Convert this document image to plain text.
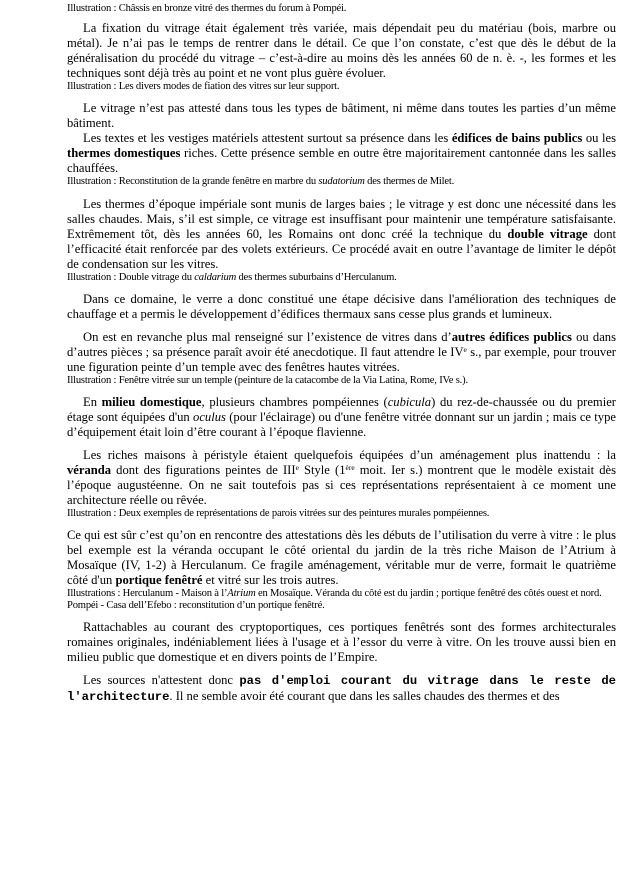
Illustration : Châssis en bronze vitré des thermes du forum à Pompéi.

La fixation du vitrage était également très variée, mais dépendait peu du matériau (bois, marbre ou métal). Je n’ai pas le temps de rentrer dans le détail. Ce que l’on constate, c’est que dès le début de la généralisation du procédé du vitrage – c’est-à-dire au moins dès les années 60 de n. è. -, les formes et les techniques sont déjà très au point et ne vont plus guère évoluer.

Illustration : Les divers modes de fiation des vitres sur leur support.

Le vitrage n’est pas attesté dans tous les types de bâtiment, ni même dans toutes les parties d’un même bâtiment.

Les textes et les vestiges matériels attestent surtout sa présence dans les édifices de bains publics ou les thermes domestiques riches. Cette présence semble en outre être majoritairement cantonnée dans les salles chauffées.

Illustration : Reconstitution de la grande fenêtre en marbre du sudatorium des thermes de Milet.

Les thermes d’époque impériale sont munis de larges baies ; le vitrage y est donc une nécessité dans les salles chaudes. Mais, s’il est simple, ce vitrage est insuffisant pour maintenir une température satisfaisante. Extrêmement tôt, dès les années 60, les Romains ont donc créé la technique du double vitrage dont l’efficacité était renforcée par des volets extérieurs. Ce procédé avait en outre l’avantage de limiter le dépôt de condensation sur les vitres.

Illustration : Double vitrage du caldarium des thermes suburbains d’Herculanum.

Dans ce domaine, le verre a donc constitué une étape décisive dans l'amélioration des techniques de chauffage et a permis le développement d’édifices thermaux sans cesse plus grands et lumineux.

On est en revanche plus mal renseigné sur l’existence de vitres dans d’autres édifices publics ou dans d’autres pièces ; sa présence paraît avoir été anecdotique. Il faut attendre le IVe s., par exemple, pour trouver une figuration peinte d’un temple avec des fenêtres hautes vitrées.

Illustration : Fenêtre vitrée sur un temple (peinture de la catacombe de la Via Latina, Rome, IVe s.).

En milieu domestique, plusieurs chambres pompéiennes (cubicula) du rez-de-chaussée ou du premier étage sont équipées d'un oculus (pour l'éclairage) ou d'une fenêtre vitrée donnant sur un jardin ; mais ce type d’équipement était loin d’être courant à l’époque flavienne.

Les riches maisons à péristyle étaient quelquefois équipées d’un aménagement plus inattendu : la véranda dont des figurations peintes de IIIe Style (1ère moit. Ier s.) montrent que le modèle existait dès l’époque augustéenne. On ne sait toutefois pas si ces représentations représentaient à ce moment une architecture réelle ou rêvée.

Illustration : Deux exemples de représentations de parois vitrées sur des peintures murales pompéiennes.

Ce qui est sûr c’est qu’on en rencontre des attestations dès les débuts de l’utilisation du verre à vitre : le plus bel exemple est la véranda occupant le côté oriental du jardin de la très riche Maison de l’Atrium à Mosaïque (IV, 1-2) à Herculanum. Ce fragile aménagement, véritable mur de verre, formait le quatrième côté d'un portique fenêtré et vitré sur les trois autres.

Illustrations : Herculanum - Maison à l’Atrium en Mosaïque. Véranda du côté est du jardin ; portique fenêtré des côtés ouest et nord.

Pompéi - Casa dell’Efebo : reconstitution d’un portique fenêtré.

Rattachables au courant des cryptoportiques, ces portiques fenêtrés sont des formes architecturales romaines originales, indéniablement liées à l'usage et à l’essor du verre à vitre. On les trouve aussi bien en milieu public que domestique et en divers points de l’Empire.

Les sources n'attestent donc pas d'emploi courant du vitrage dans le reste de l'architecture. Il ne semble avoir été courant que dans les salles chaudes des thermes et des
